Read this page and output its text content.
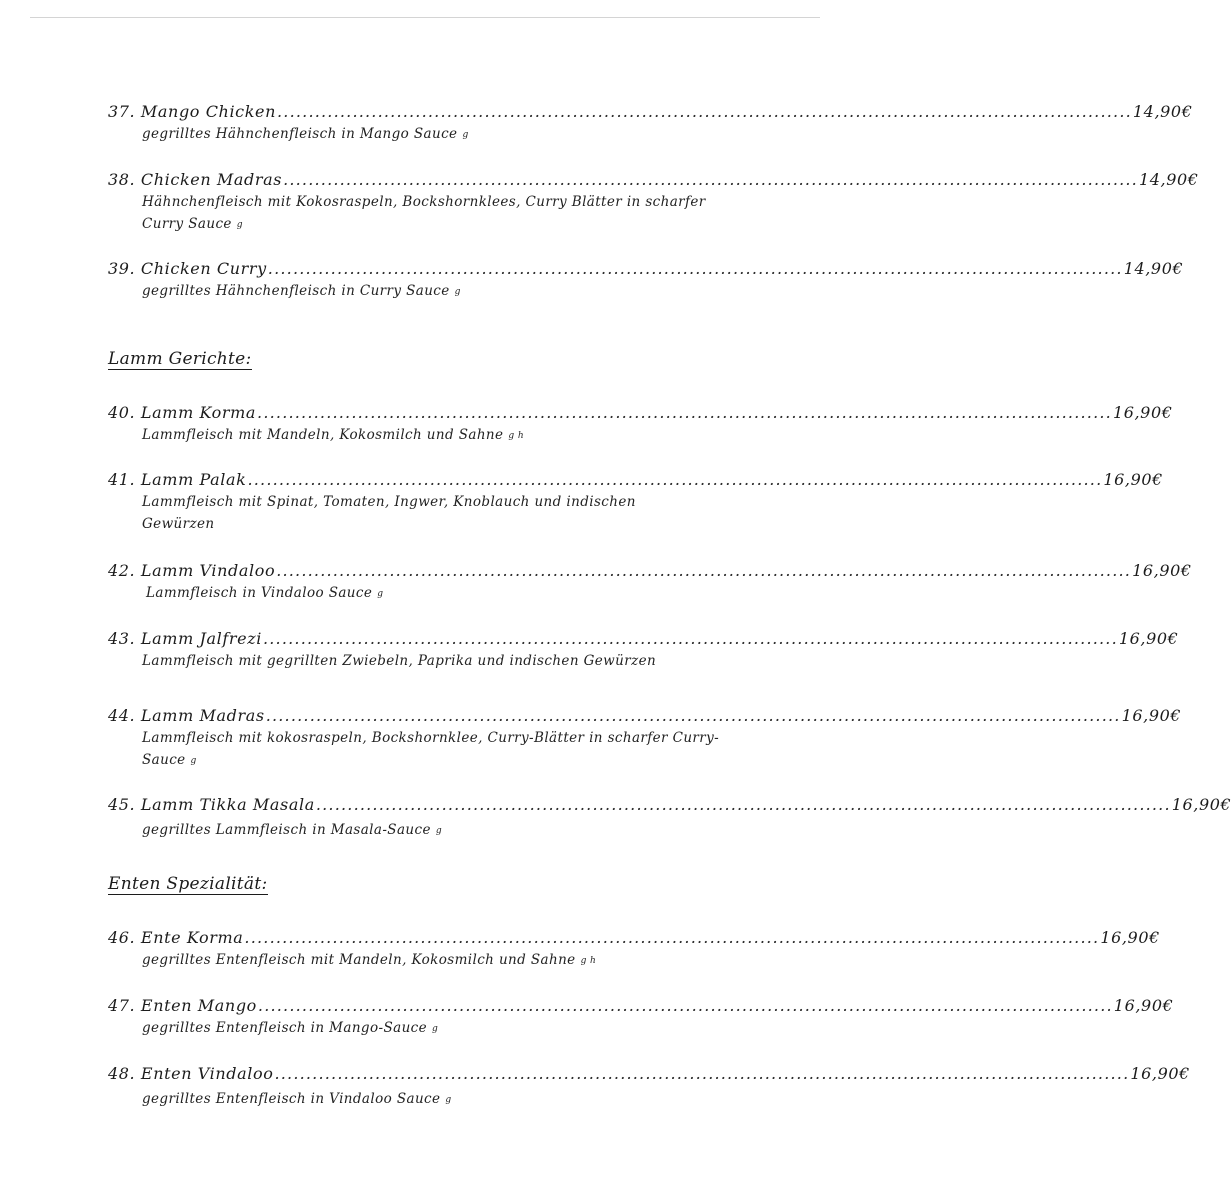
37. Mango Chicken ........................................................................................................................................ 14,90€
gegrilltes Hähnchenfleisch in Mango Sauce g
38. Chicken Madras ........................................................................................................................................ 14,90€
Hähnchenfleisch mit Kokosraspeln, Bockshornklees, Curry Blätter in scharfer Curry Sauce g
39. Chicken Curry ........................................................................................................................................ 14,90€
gegrilltes Hähnchenfleisch in Curry Sauce g
Lamm Gerichte:
40. Lamm Korma ........................................................................................................................................ 16,90€
Lammfleisch mit Mandeln, Kokosmilch und Sahne g h
41. Lamm Palak ........................................................................................................................................ 16,90€
Lammfleisch mit Spinat, Tomaten, Ingwer, Knoblauch und indischen Gewürzen
42. Lamm Vindaloo ........................................................................................................................................ 16,90€
Lammfleisch in Vindaloo Sauce g
43. Lamm Jalfrezi ........................................................................................................................................ 16,90€
Lammfleisch mit gegrillten Zwiebeln, Paprika und indischen Gewürzen
44. Lamm Madras ........................................................................................................................................ 16,90€
Lammfleisch mit kokosraspeln, Bockshornklee, Curry-Blätter in scharfer Curry-Sauce g
45. Lamm Tikka Masala ........................................................................................................................................ 16,90€
gegrilltes Lammfleisch in Masala-Sauce g
Enten Spezialität:
46. Ente Korma ........................................................................................................................................ 16,90€
gegrilltes Entenfleisch mit Mandeln, Kokosmilch und Sahne g h
47. Enten Mango ........................................................................................................................................ 16,90€
gegrilltes Entenfleisch in Mango-Sauce g
48. Enten Vindaloo ........................................................................................................................................ 16,90€
gegrilltes Entenfleisch in Vindaloo Sauce g
